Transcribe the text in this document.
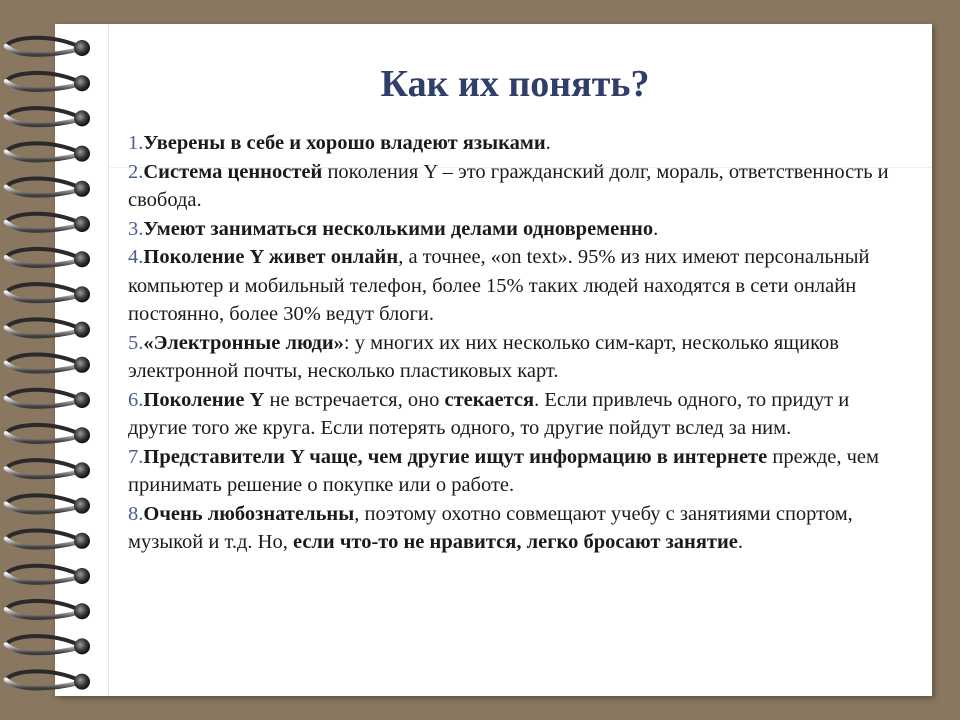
Как их понять?
1.Уверены в себе и хорошо владеют языками.
2.Система ценностей поколения Y – это гражданский долг, мораль, ответственность и свобода.
3.Умеют заниматься несколькими делами одновременно.
4.Поколение Y живет онлайн, а точнее, «on text». 95% из них имеют персональный компьютер и мобильный телефон, более 15% таких людей находятся в сети онлайн постоянно, более 30% ведут блоги.
5.«Электронные люди»: у многих их них несколько сим-карт, несколько ящиков электронной почты, несколько пластиковых карт.
6.Поколение Y не встречается, оно стекается. Если привлечь одного, то придут и другие того же круга. Если потерять одного, то другие пойдут вслед за ним.
7.Представители Y чаще, чем другие ищут информацию в интернете прежде, чем принимать решение о покупке или о работе.
8.Очень любознательны, поэтому охотно совмещают учебу с занятиями спортом, музыкой и т.д. Но, если что-то не нравится, легко бросают занятие.
